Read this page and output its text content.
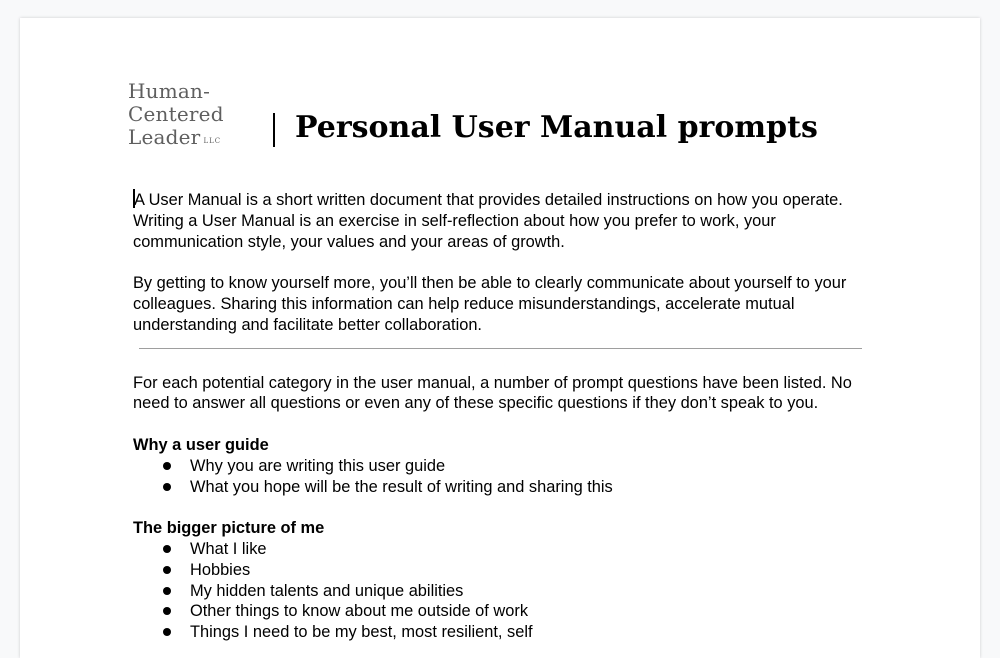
Human-
Centered
Leader LLC Personal User Manual prompts

A User Manual is a short written document that provides detailed instructions on how you operate. Writing a User Manual is an exercise in self-reflection about how you prefer to work, your communication style, your values and your areas of growth.

By getting to know yourself more, you’ll then be able to clearly communicate about yourself to your colleagues. Sharing this information can help reduce misunderstandings, accelerate mutual understanding and facilitate better collaboration.

For each potential category in the user manual, a number of prompt questions have been listed. No need to answer all questions or even any of these specific questions if they don’t speak to you.

Why a user guide

Why you are writing this user guide
What you hope will be the result of writing and sharing this

The bigger picture of me

What I like
Hobbies
My hidden talents and unique abilities
Other things to know about me outside of work
Things I need to be my best, most resilient, self
